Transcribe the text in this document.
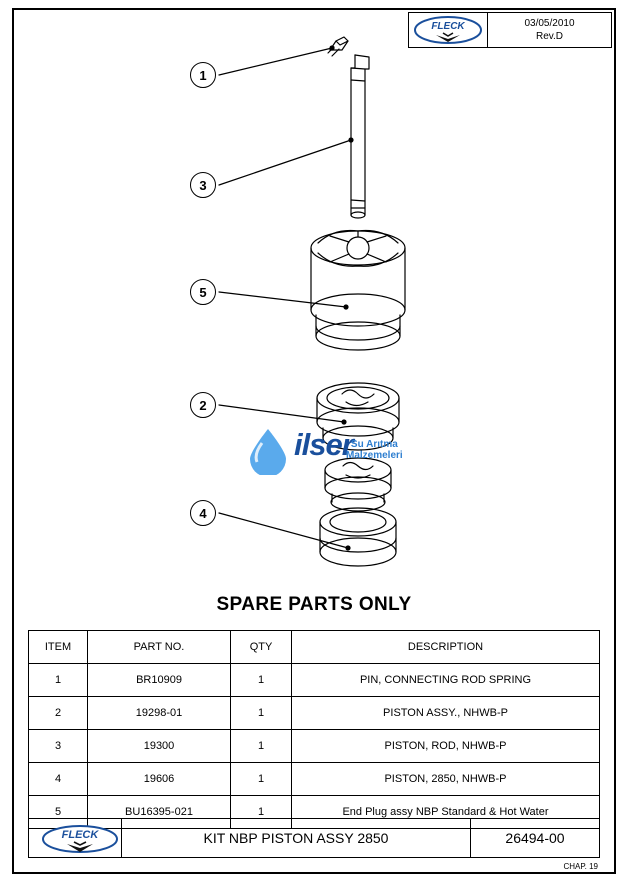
FLECK	03/05/2010
Rev.D
1
3
5
2
4
ilser
Su Arıtma
Malzemeleri
SPARE PARTS ONLY
ITEM	PART NO.	QTY	DESCRIPTION
1	BR10909	1	PIN, CONNECTING ROD SPRING
2	19298-01	1	PISTON ASSY., NHWB-P
3	19300	1	PISTON, ROD, NHWB-P
4	19606	1	PISTON, 2850, NHWB-P
5	BU16395-021	1	End Plug assy NBP Standard & Hot Water
FLECK	KIT NBP PISTON ASSY 2850	26494-00
CHAP. 19
